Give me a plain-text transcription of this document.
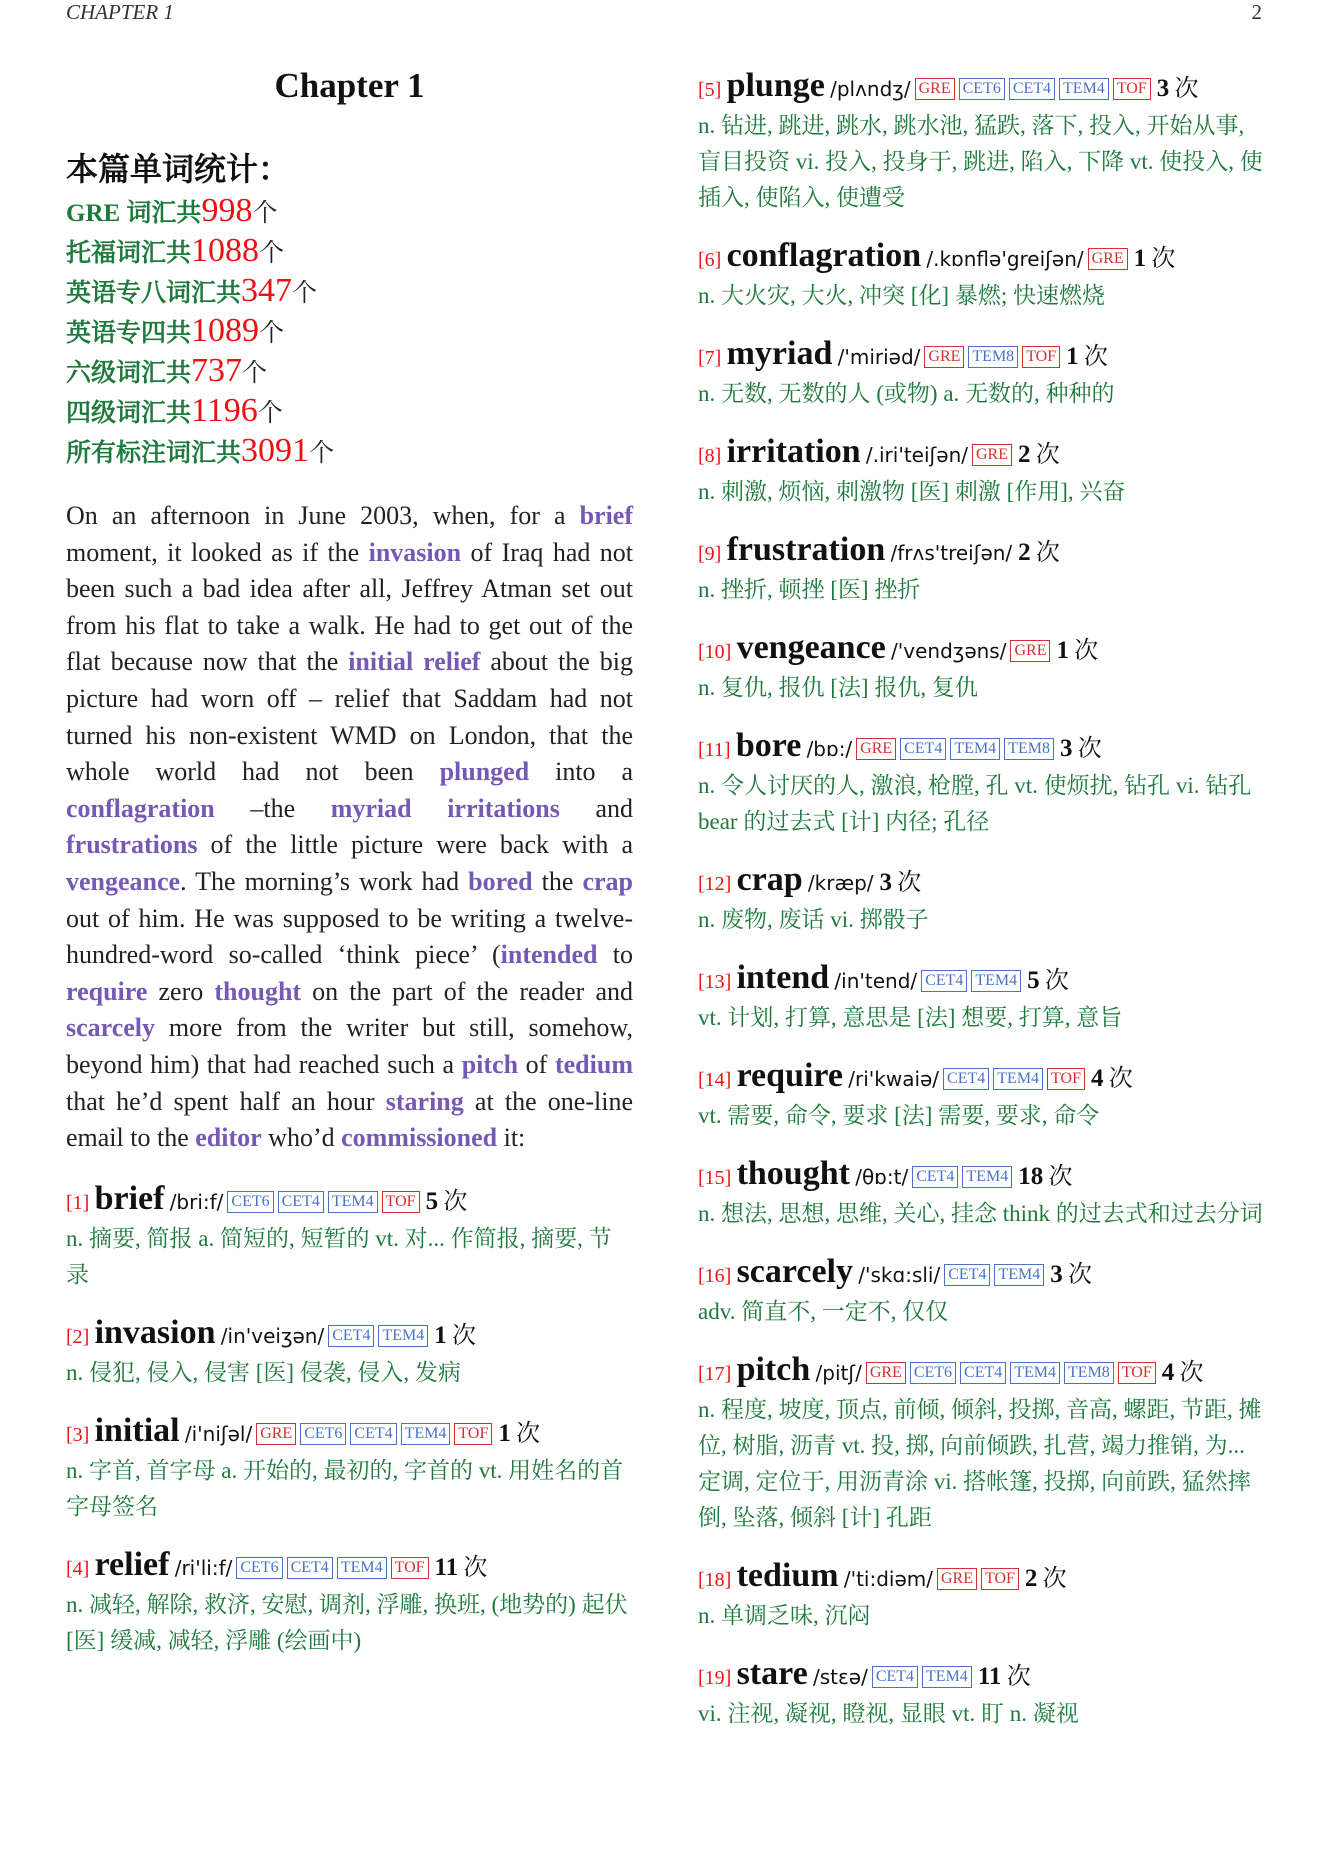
CHAPTER 1	2
Chapter 1
本篇单词统计：
GRE 词汇共998个
托福词汇共1088个
英语专八词汇共347个
英语专四共1089个
六级词汇共737个
四级词汇共1196个
所有标注词汇共3091个
On an afternoon in June 2003, when, for a brief moment, it looked as if the invasion of Iraq had not been such a bad idea after all, Jeffrey Atman set out from his flat to take a walk. He had to get out of the flat because now that the initial relief about the big picture had worn off – relief that Saddam had not turned his non-existent WMD on London, that the whole world had not been plunged into a conflagration –the myriad irritations and frustrations of the little picture were back with a vengeance. The morning’s work had bored the crap out of him. He was supposed to be writing a twelve-hundred-word so-called ‘think piece’ (intended to require zero thought on the part of the reader and scarcely more from the writer but still, somehow, beyond him) that had reached such a pitch of tedium that he’d spent half an hour staring at the one-line email to the editor who’d commissioned it:
[1] brief /bri:f/ CET6 CET4 TEM4 TOF 5 次
n. 摘要, 简报 a. 简短的, 短暂的 vt. 对... 作简报, 摘要, 节录
[2] invasion /in'veiʒən/ CET4 TEM4 1 次
n. 侵犯, 侵入, 侵害 [医] 侵袭, 侵入, 发病
[3] initial /i'niʃəl/ GRE CET6 CET4 TEM4 TOF 1 次
n. 字首, 首字母 a. 开始的, 最初的, 字首的 vt. 用姓名的首字母签名
[4] relief /ri'li:f/ CET6 CET4 TEM4 TOF 11 次
n. 减轻, 解除, 救济, 安慰, 调剂, 浮雕, 换班, (地势的) 起伏 [医] 缓减, 减轻, 浮雕 (绘画中)
[5] plunge /plʌndʒ/ GRE CET6 CET4 TEM4 TOF 3 次
n. 钻进, 跳进, 跳水, 跳水池, 猛跌, 落下, 投入, 开始从事, 盲目投资 vi. 投入, 投身于, 跳进, 陷入, 下降 vt. 使投入, 使插入, 使陷入, 使遭受
[6] conflagration /.kɒnflə'greiʃən/ GRE 1 次
n. 大火灾, 大火, 冲突 [化] 暴燃; 快速燃烧
[7] myriad /'miriəd/ GRE TEM8 TOF 1 次
n. 无数, 无数的人 (或物) a. 无数的, 种种的
[8] irritation /.iri'teiʃən/ GRE 2 次
n. 刺激, 烦恼, 刺激物 [医] 刺激 [作用], 兴奋
[9] frustration /frʌs'treiʃən/ 2 次
n. 挫折, 顿挫 [医] 挫折
[10] vengeance /'vendʒəns/ GRE 1 次
n. 复仇, 报仇 [法] 报仇, 复仇
[11] bore /bɒ:/ GRE CET4 TEM4 TEM8 3 次
n. 令人讨厌的人, 激浪, 枪膛, 孔 vt. 使烦扰, 钻孔 vi. 钻孔 bear 的过去式 [计] 内径; 孔径
[12] crap /kræp/ 3 次
n. 废物, 废话 vi. 掷骰子
[13] intend /in'tend/ CET4 TEM4 5 次
vt. 计划, 打算, 意思是 [法] 想要, 打算, 意旨
[14] require /ri'kwaiə/ CET4 TEM4 TOF 4 次
vt. 需要, 命令, 要求 [法] 需要, 要求, 命令
[15] thought /θɒ:t/ CET4 TEM4 18 次
n. 想法, 思想, 思维, 关心, 挂念 think 的过去式和过去分词
[16] scarcely /'skɑ:sli/ CET4 TEM4 3 次
adv. 简直不, 一定不, 仅仅
[17] pitch /pitʃ/ GRE CET6 CET4 TEM4 TEM8 TOF 4 次
n. 程度, 坡度, 顶点, 前倾, 倾斜, 投掷, 音高, 螺距, 节距, 摊位, 树脂, 沥青 vt. 投, 掷, 向前倾跌, 扎营, 竭力推销, 为... 定调, 定位于, 用沥青涂 vi. 搭帐篷, 投掷, 向前跌, 猛然摔倒, 坠落, 倾斜 [计] 孔距
[18] tedium /'ti:diəm/ GRE TOF 2 次
n. 单调乏味, 沉闷
[19] stare /stɛə/ CET4 TEM4 11 次
vi. 注视, 凝视, 瞪视, 显眼 vt. 盯 n. 凝视
